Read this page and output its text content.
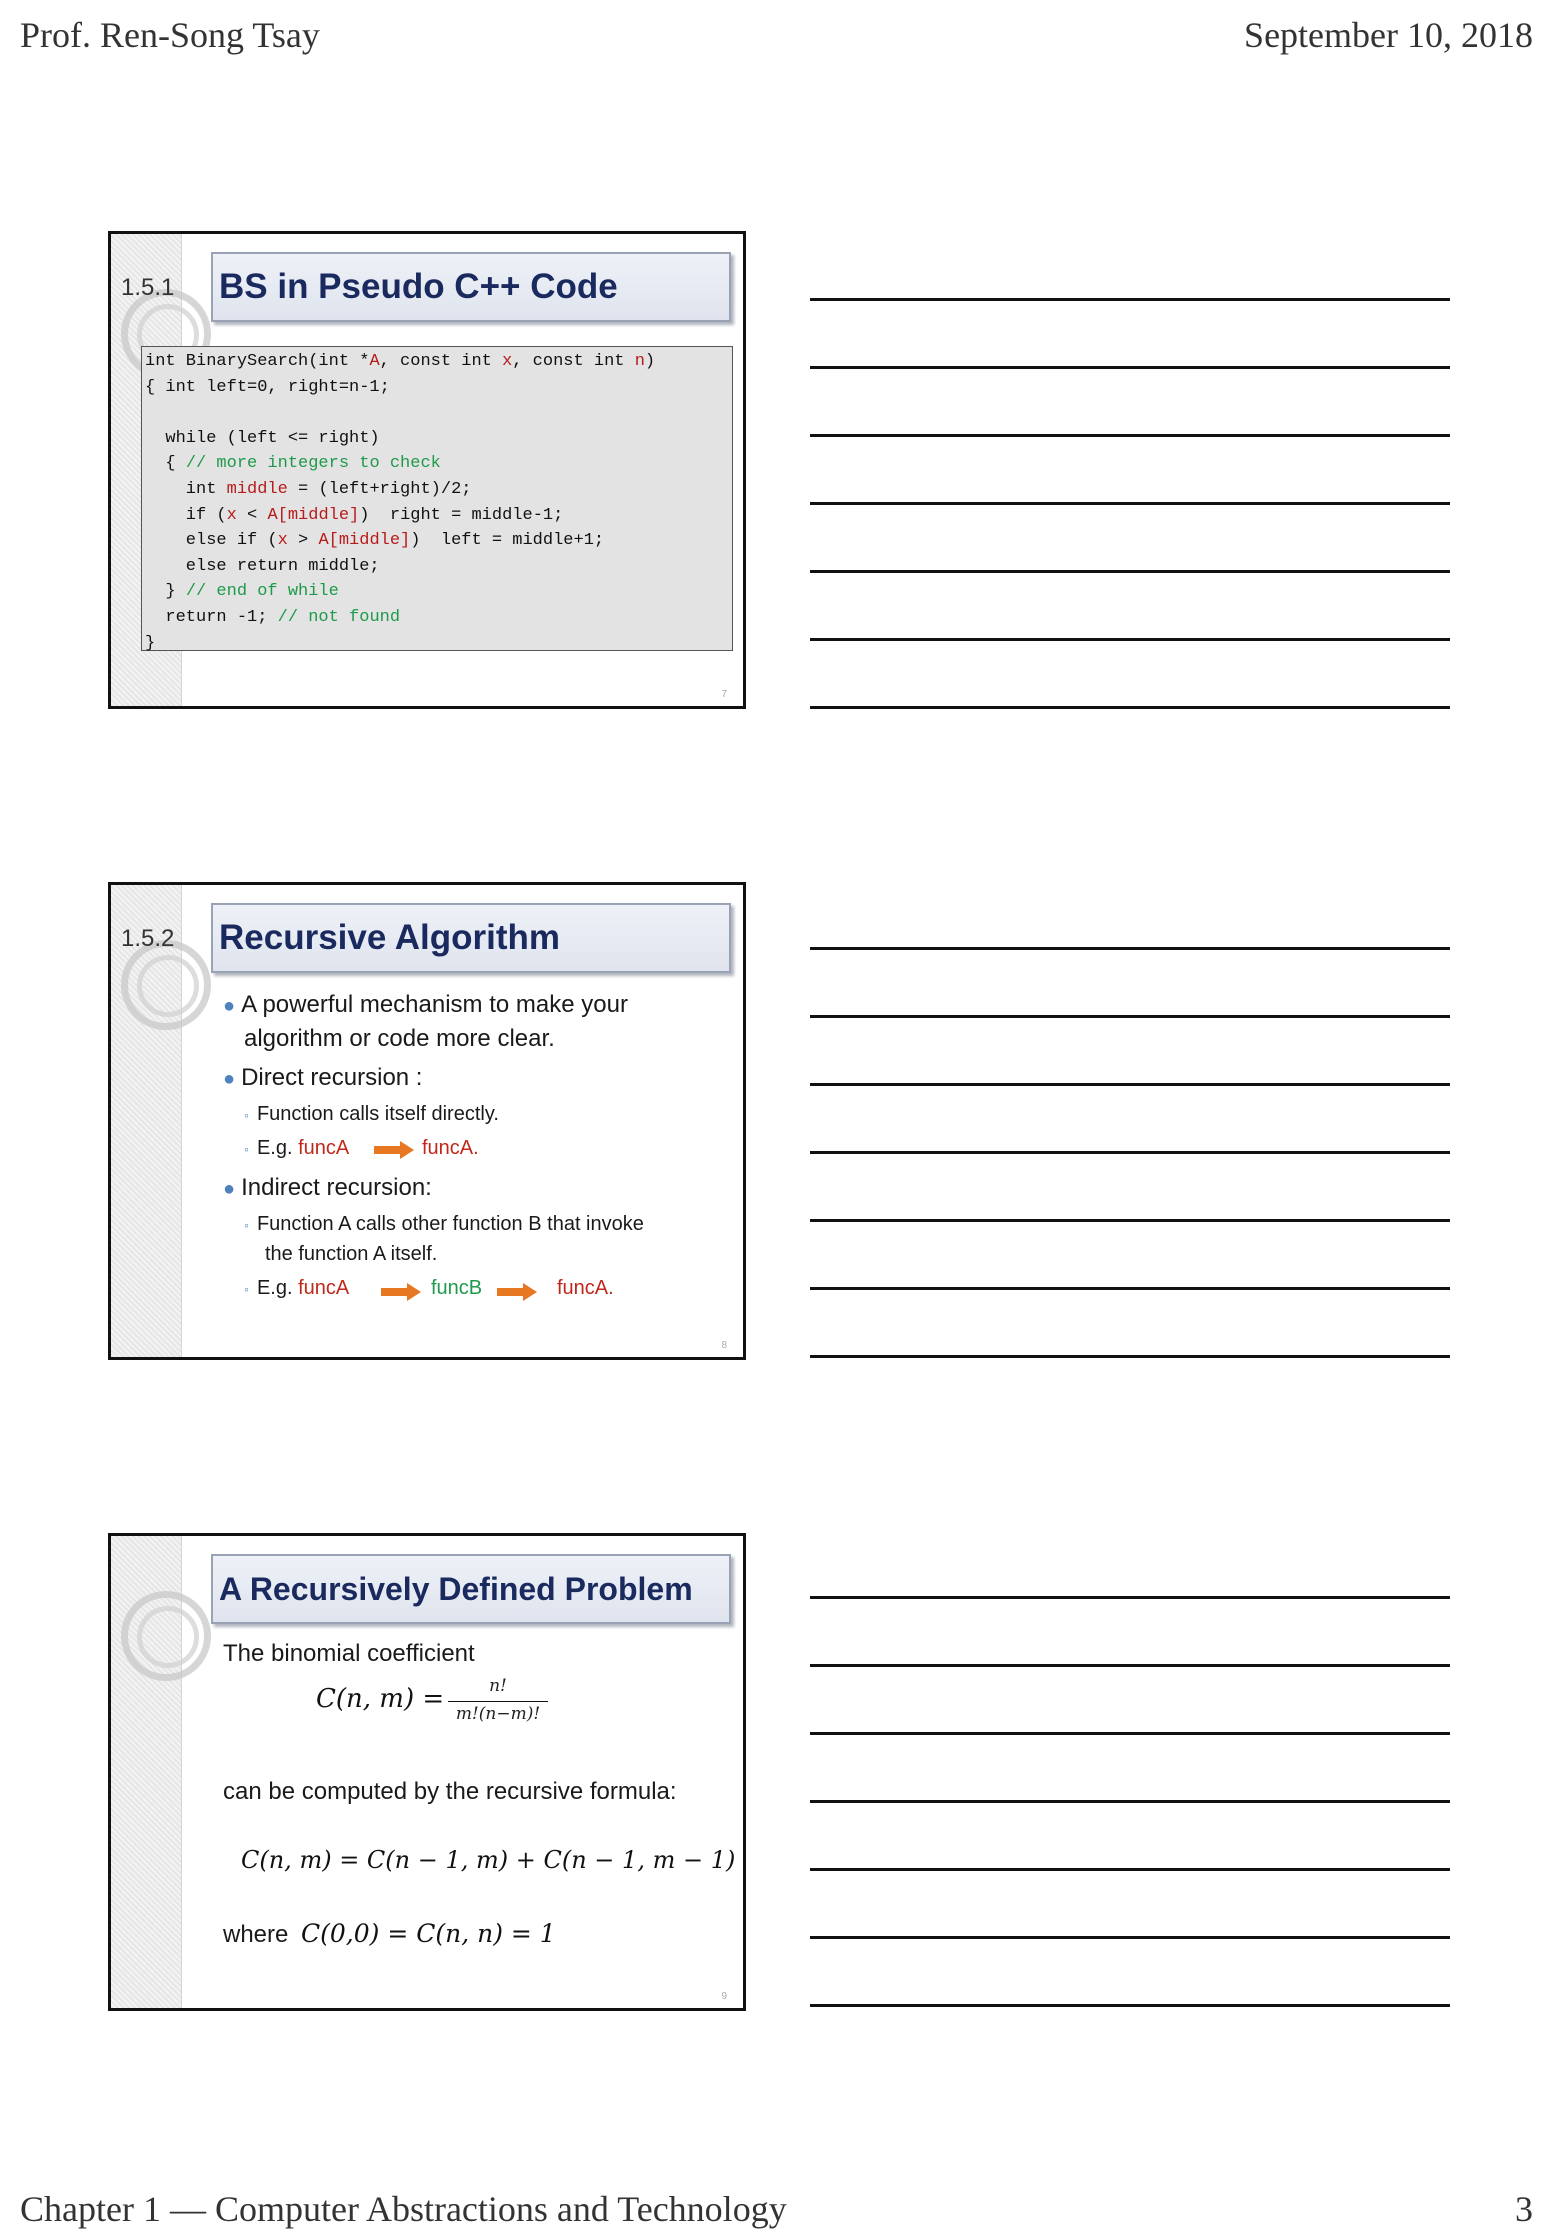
Prof. Ren-Song Tsay	September 10, 2018
1.5.1 BS in Pseudo C++ Code
int BinarySearch(int *A, const int x, const int n)
{ int left=0, right=n-1;
while (left <= right)
{ // more integers to check
int middle = (left+right)/2;
if (x < A[middle])  right = middle-1;
else if (x > A[middle])  left = middle+1;
else return middle;
} // end of while
return -1; // not found
}
7
1.5.2 Recursive Algorithm
● A powerful mechanism to make your
algorithm or code more clear.
● Direct recursion :
◦ Function calls itself directly.
◦ E.g. funcA	funcA.
● Indirect recursion:
◦ Function A calls other function B that invoke
the function A itself.
◦ E.g. funcA	funcB	funcA.
8
A Recursively Defined Problem
The binomial coefficient
C(n, m) =	n!
m!(n−m)!
can be computed by the recursive formula:
C(n, m) = C(n − 1, m) + C(n − 1, m − 1)
where C(0,0) = C(n, n) = 1
9
Chapter 1 — Computer Abstractions and Technology	3
